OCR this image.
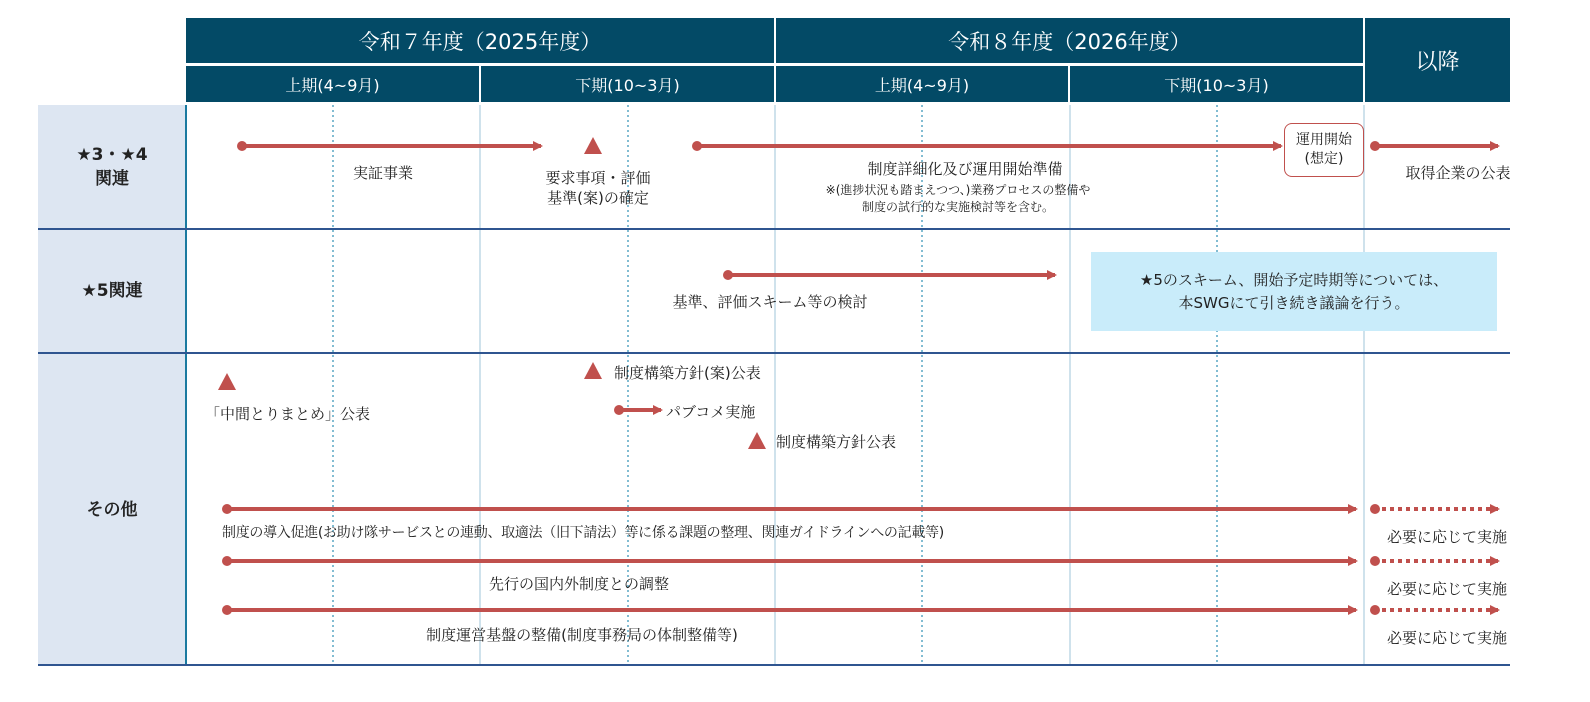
令和７年度（2025年度）	令和８年度（2026年度）
以降
上期(4~9月)	下期(10~3月)	上期(4~9月)	下期(10~3月)
★3・★4
関連
★5関連
その他
実証事業	要求事項・評価
基準(案)の確定
制度詳細化及び運用開始準備
※(進捗状況も踏まえつつ、)業務プロセスの整備や
制度の試行的な実施検討等を含む。
運用開始
(想定)
取得企業の公表
基準、評価スキーム等の検討
★5のスキーム、開始予定時期等については、
本SWGにて引き続き議論を行う。
「中間とりまとめ」公表
制度構築方針(案)公表
パブコメ実施
制度構築方針公表
制度の導入促進(お助け隊サービスとの連動、取適法（旧下請法）等に係る課題の整理、関連ガイドラインへの記載等)
先行の国内外制度との調整
制度運営基盤の整備(制度事務局の体制整備等)
必要に応じて実施
必要に応じて実施
必要に応じて実施
